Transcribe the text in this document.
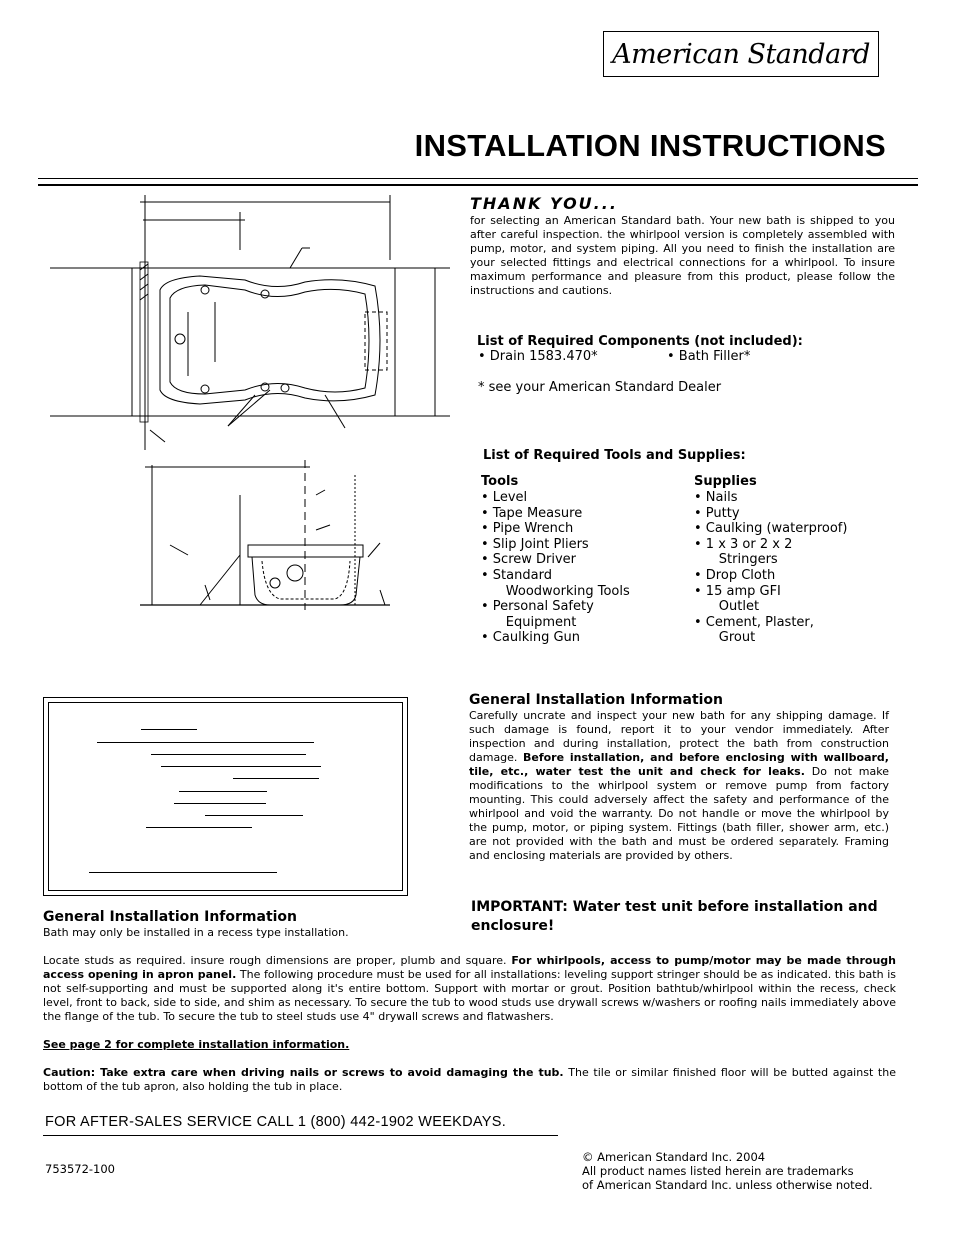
American Standard
INSTALLATION INSTRUCTIONS
THANK YOU...
for selecting an American Standard bath. Your new bath is shipped to you after careful inspection. the whirlpool version is completely assembled with pump, motor, and system piping. All you need to finish the installation are your selected fittings and electrical connections for a whirlpool. To insure maximum performance and pleasure from this product, please follow the instructions and cautions.
List of Required Components (not included):
• Drain 1583.470*	• Bath Filler*
* see your American Standard Dealer
List of Required Tools and Supplies:
Tools
• Level
• Tape Measure
• Pipe Wrench
• Slip Joint Pliers
• Screw Driver
• Standard
Woodworking Tools
• Personal Safety
Equipment
• Caulking Gun
Supplies
• Nails
• Putty
• Caulking (waterproof)
• 1 x 3 or 2 x 2
Stringers
• Drop Cloth
• 15 amp GFI
Outlet
• Cement, Plaster,
Grout
General Installation Information
Carefully uncrate and inspect your new bath for any shipping damage. If such damage is found, report it to your vendor immediately. After inspection and during installation, protect the bath from construction damage. Before installation, and before enclosing with wallboard, tile, etc., water test the unit and check for leaks. Do not make modifications to the whirlpool system or remove pump from factory mounting. This could adversely affect the safety and performance of the whirlpool and void the warranty. Do not handle or move the whirlpool by the pump, motor, or piping system. Fittings (bath filler, shower arm, etc.) are not provided with the bath and must be ordered separately. Framing and enclosing materials are provided by others.
IMPORTANT: Water test unit before installation and enclosure!
General Installation Information
Bath may only be installed in a recess type installation.
Locate studs as required. insure rough dimensions are proper, plumb and square. For whirlpools, access to pump/motor may be made through access opening in apron panel. The following procedure must be used for all installations: leveling support stringer should be as indicated. this bath is not self-supporting and must be supported along it's entire bottom. Support with mortar or grout. Position bathtub/whirlpool within the recess, check level, front to back, side to side, and shim as necessary. To secure the tub to wood studs use drywall screws w/washers or roofing nails immediately above the flange of the tub. To secure the tub to steel studs use 4" drywall screws and flatwashers.
See page 2 for complete installation information.
Caution: Take extra care when driving nails or screws to avoid damaging the tub. The tile or similar finished floor will be butted against the bottom of the tub apron, also holding the tub in place.
FOR AFTER-SALES SERVICE CALL 1 (800) 442-1902 WEEKDAYS.
753572-100
© American Standard Inc. 2004
All product names listed herein are trademarks
of American Standard Inc. unless otherwise noted.
